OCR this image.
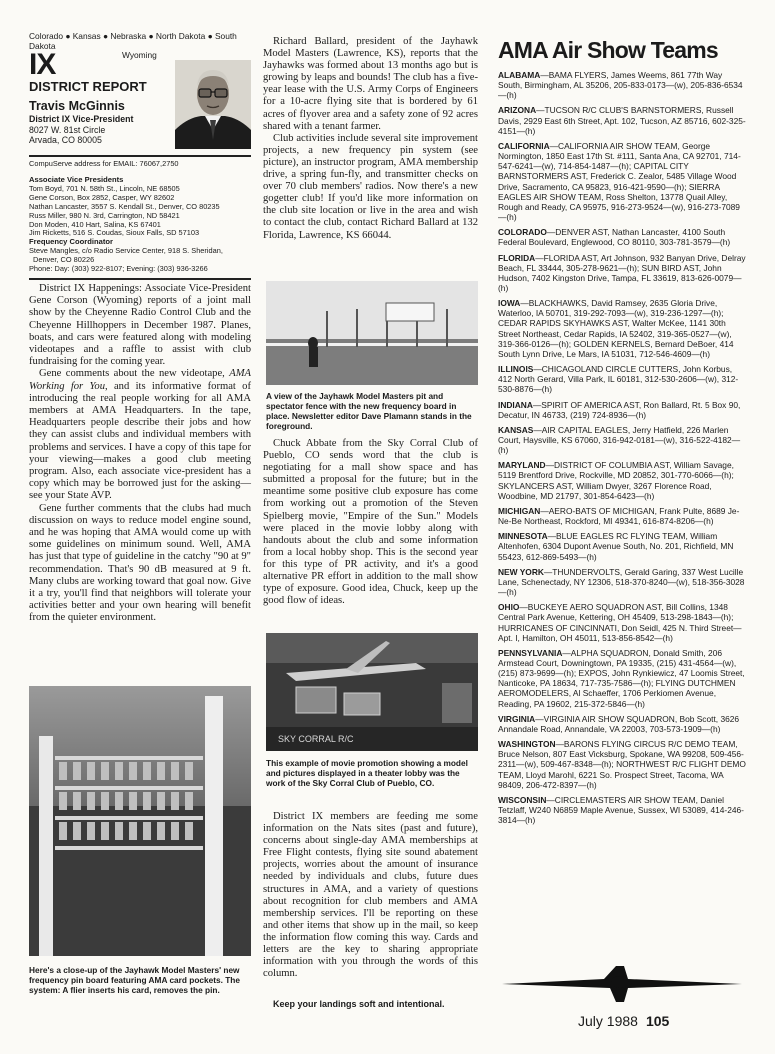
Colorado ● Kansas ● Nebraska ● North Dakota ● South Dakota
Wyoming
IX
DISTRICT REPORT
Travis McGinnis
District IX Vice-President
8027 W. 81st Circle
Arvada, CO 80005
CompuServe address for EMAIL: 76067,2750
Associate Vice Presidents
Tom Boyd, 701 N. 58th St., Lincoln, NE 68505
Gene Corson, Box 2852, Casper, WY 82602
Nathan Lancaster, 3557 S. Kendall St., Denver, CO 80235
Russ Miller, 980 N. 3rd, Carrington, ND 58421
Don Moden, 410 Hart, Salina, KS 67401
Jim Ricketts, 516 S. Coudas, Sioux Falls, SD 57103
Frequency Coordinator
Steve Mangles, c/o Radio Service Center, 918 S. Sheridan,
Denver, CO 80226
Phone: Day: (303) 922-8107; Evening: (303) 936-3266

District IX Happenings: Associate Vice-President Gene Corson (Wyoming) reports of a joint mall show by the Cheyenne Radio Control Club and the Cheyenne Hillhoppers in December 1987. Planes, boats, and cars were featured along with modeling videotapes and a raffle to assist with club fundraising for the coming year.

Gene comments about the new videotape, AMA Working for You, and its informative format of introducing the real people working for all AMA members at AMA Headquarters. In the tape, Headquarters people describe their jobs and how they can assist clubs and individual members with problems and services. I have a copy of this tape for your viewing—makes a good club meeting program. Also, each associate vice-president has a copy which may be borrowed just for the asking—see your State AVP.

Gene further comments that the clubs had much discussion on ways to reduce model engine sound, and he was hoping that AMA would come up with some guidelines on minimum sound. Well, AMA has just that type of guideline in the catchy "90 at 9" recommendation. That's 90 dB measured at 9 ft. Many clubs are working toward that goal now. Give it a try, you'll find that neighbors will tolerate your activities better and your own hearing will benefit from the quieter environment.

Here's a close-up of the Jayhawk Model Masters' new frequency pin board featuring AMA card pockets. The system: A flier inserts his card, removes the pin.

Richard Ballard, president of the Jayhawk Model Masters (Lawrence, KS), reports that the Jayhawks was formed about 13 months ago but is growing by leaps and bounds! The club has a five-year lease with the U.S. Army Corps of Engineers for a 10-acre flying site that is bordered by 61 acres of flyover area and a safety zone of 92 acres shared with a tenant farmer.

Club activities include several site improvement projects, a new frequency pin system (see picture), an instructor program, AMA membership drive, a spring fun-fly, and transmitter checks on over 70 club members' radios. Now there's a new gogetter club! If you'd like more information on the club site location or live in the area and wish to contact the club, contact Richard Ballard at 132 Florida, Lawrence, KS 66044.

A view of the Jayhawk Model Masters pit and spectator fence with the new frequency board in place. Newsletter editor Dave Plamann stands in the foreground.

Chuck Abbate from the Sky Corral Club of Pueblo, CO sends word that the club is negotiating for a mall show space and has submitted a proposal for the future; but in the meantime some positive club exposure has come from working out a promotion of the Steven Spielberg movie, "Empire of the Sun." Models were placed in the movie lobby along with handouts about the club and some information from a local hobby shop. This is the second year for this type of PR activity, and it's a good alternative PR effort in addition to the mall show type of exposure. Good idea, Chuck, keep up the good flow of ideas.

SKY CORRAL R/C
This example of movie promotion showing a model and pictures displayed in a theater lobby was the work of the Sky Corral Club of Pueblo, CO.

District IX members are feeding me some information on the Nats sites (past and future), concerns about single-day AMA memberships at Free Flight contests, flying site sound abatement projects, worries about the amount of insurance needed by individuals and clubs, future dues structures in AMA, and a variety of questions about recognition for club members and AMA membership services. I'll be reporting on these and other items that show up in the mail, so keep the information flow coming this way. Cards and letters are the key to sharing appropriate information with you through the words of this column.

Keep your landings soft and intentional.
AMA Air Show Teams
ALABAMA—BAMA FLYERS, James Weems, 861 77th Way South, Birmingham, AL 35206, 205-833-0173—(w), 205-836-6534—(h)
ARIZONA—TUCSON R/C CLUB'S BARNSTORMERS, Russell Davis, 2929 East 6th Street, Apt. 102, Tucson, AZ 85716, 602-325-4151—(h)
CALIFORNIA—CALIFORNIA AIR SHOW TEAM, George Normington, 1850 East 17th St. #111, Santa Ana, CA 92701, 714-547-6241—(w), 714-854-1487—(h); CAPITAL CITY BARNSTORMERS AST, Frederick C. Zealor, 5485 Village Wood Drive, Sacramento, CA 95823, 916-421-9590—(h); SIERRA EAGLES AIR SHOW TEAM, Ross Shelton, 13778 Quail Alley, Rough and Ready, CA 95975, 916-273-9524—(w), 916-273-7089—(h)
COLORADO—DENVER AST, Nathan Lancaster, 4100 South Federal Boulevard, Englewood, CO 80110, 303-781-3579—(h)
FLORIDA—FLORIDA AST, Art Johnson, 932 Banyan Drive, Delray Beach, FL 33444, 305-278-9621—(h); SUN BIRD AST, John Hudson, 7402 Kingston Drive, Tampa, FL 33619, 813-626-0079—(h)
IOWA—BLACKHAWKS, David Ramsey, 2635 Gloria Drive, Waterloo, IA 50701, 319-292-7093—(w), 319-236-1297—(h); CEDAR RAPIDS SKYHAWKS AST, Walter McKee, 1141 30th Street Northeast, Cedar Rapids, IA 52402, 319-365-0527—(w), 319-366-0126—(h); GOLDEN KERNELS, Bernard DeBoer, 414 South Lynn Drive, Le Mars, IA 51031, 712-546-4609—(h)
ILLINOIS—CHICAGOLAND CIRCLE CUTTERS, John Korbus, 412 North Gerard, Villa Park, IL 60181, 312-530-2606—(w), 312-530-8876—(h)
INDIANA—SPIRIT OF AMERICA AST, Ron Ballard, Rt. 5 Box 90, Decatur, IN 46733, (219) 724-8936—(h)
KANSAS—AIR CAPITAL EAGLES, Jerry Hatfield, 226 Marlen Court, Haysville, KS 67060, 316-942-0181—(w), 316-522-4182—(h)
MARYLAND—DISTRICT OF COLUMBIA AST, William Savage, 5119 Brentford Drive, Rockville, MD 20852, 301-770-6066—(h); SKYLANCERS AST, William Dwyer, 3267 Florence Road, Woodbine, MD 21797, 301-854-6423—(h)
MICHIGAN—AERO-BATS OF MICHIGAN, Frank Pulte, 8689 Je-Ne-Be Northeast, Rockford, MI 49341, 616-874-8206—(h)
MINNESOTA—BLUE EAGLES RC FLYING TEAM, William Altenhofen, 6304 Dupont Avenue South, No. 201, Richfield, MN 55423, 612-869-5493—(h)
NEW YORK—THUNDERVOLTS, Gerald Garing, 337 West Lucille Lane, Schenectady, NY 12306, 518-370-8240—(w), 518-356-3028—(h)
OHIO—BUCKEYE AERO SQUADRON AST, Bill Collins, 1348 Central Park Avenue, Kettering, OH 45409, 513-298-1843—(h); HURRICANES OF CINCINNATI, Don Seidl, 425 N. Third Street—Apt. I, Hamilton, OH 45011, 513-856-8542—(h)
PENNSYLVANIA—ALPHA SQUADRON, Donald Smith, 206 Armstead Court, Downingtown, PA 19335, (215) 431-4564—(w), (215) 873-9699—(h); EXPOS, John Rynkiewicz, 47 Loomis Street, Nanticoke, PA 18634, 717-735-7586—(h); FLYING DUTCHMEN AEROMODELERS, Al Schaeffer, 1706 Perkiomen Avenue, Reading, PA 19602, 215-372-5846—(h)
VIRGINIA—VIRGINIA AIR SHOW SQUADRON, Bob Scott, 3626 Annandale Road, Annandale, VA 22003, 703-573-1909—(h)
WASHINGTON—BARONS FLYING CIRCUS R/C DEMO TEAM, Bruce Nelson, 807 East Vicksburg, Spokane, WA 99208, 509-456-2311—(w), 509-467-8348—(h); NORTHWEST R/C FLIGHT DEMO TEAM, Lloyd Marohl, 6221 So. Prospect Street, Tacoma, WA 98409, 206-472-8397—(h)
WISCONSIN—CIRCLEMASTERS AIR SHOW TEAM, Daniel Tetzlaff, W240 N6859 Maple Avenue, Sussex, WI 53089, 414-246-3814—(h)
July 1988 105
